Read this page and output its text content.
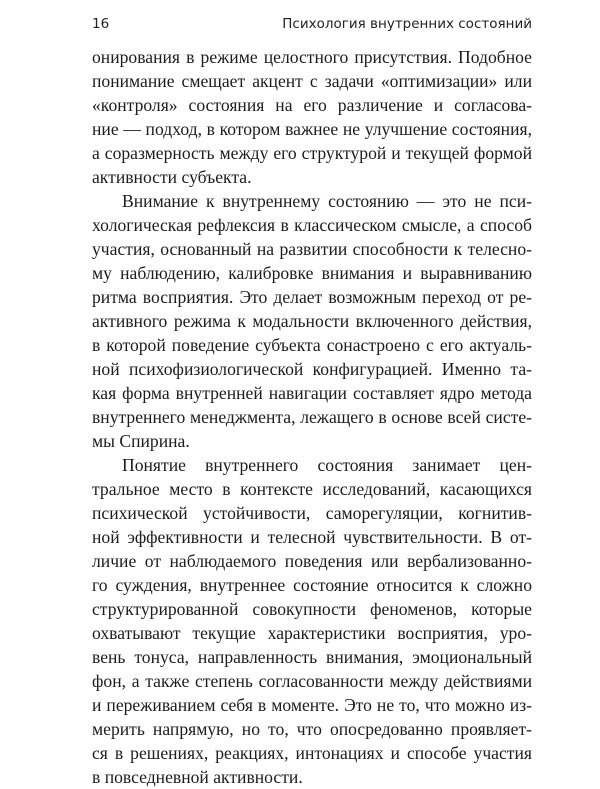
16	Психология внутренних состояний
онирования в режиме целостного присутствия. Подобное
понимание смещает акцент с задачи «оптимизации» или
«контроля» состояния на его различение и согласова-
ние — подход, в котором важнее не улучшение состояния,
а соразмерность между его структурой и текущей формой
активности субъекта.
Внимание к внутреннему состоянию — это не пси-
хологическая рефлексия в классическом смысле, а способ
участия, основанный на развитии способности к телесно-
му наблюдению, калибровке внимания и выравниванию
ритма восприятия. Это делает возможным переход от ре-
активного режима к модальности включенного действия,
в которой поведение субъекта сонастроено с его актуаль-
ной психофизиологической конфигурацией. Именно та-
кая форма внутренней навигации составляет ядро метода
внутреннего менеджмента, лежащего в основе всей систе-
мы Спирина.
Понятие внутреннего состояния занимает цен-
тральное место в контексте исследований, касающихся
психической устойчивости, саморегуляции, когнитив-
ной эффективности и телесной чувствительности. В от-
личие от наблюдаемого поведения или вербализованно-
го суждения, внутреннее состояние относится к сложно
структурированной совокупности феноменов, которые
охватывают текущие характеристики восприятия, уро-
вень тонуса, направленность внимания, эмоциональный
фон, а также степень согласованности между действиями
и переживанием себя в моменте. Это не то, что можно из-
мерить напрямую, но то, что опосредованно проявляет-
ся в решениях, реакциях, интонациях и способе участия
в повседневной активности.
